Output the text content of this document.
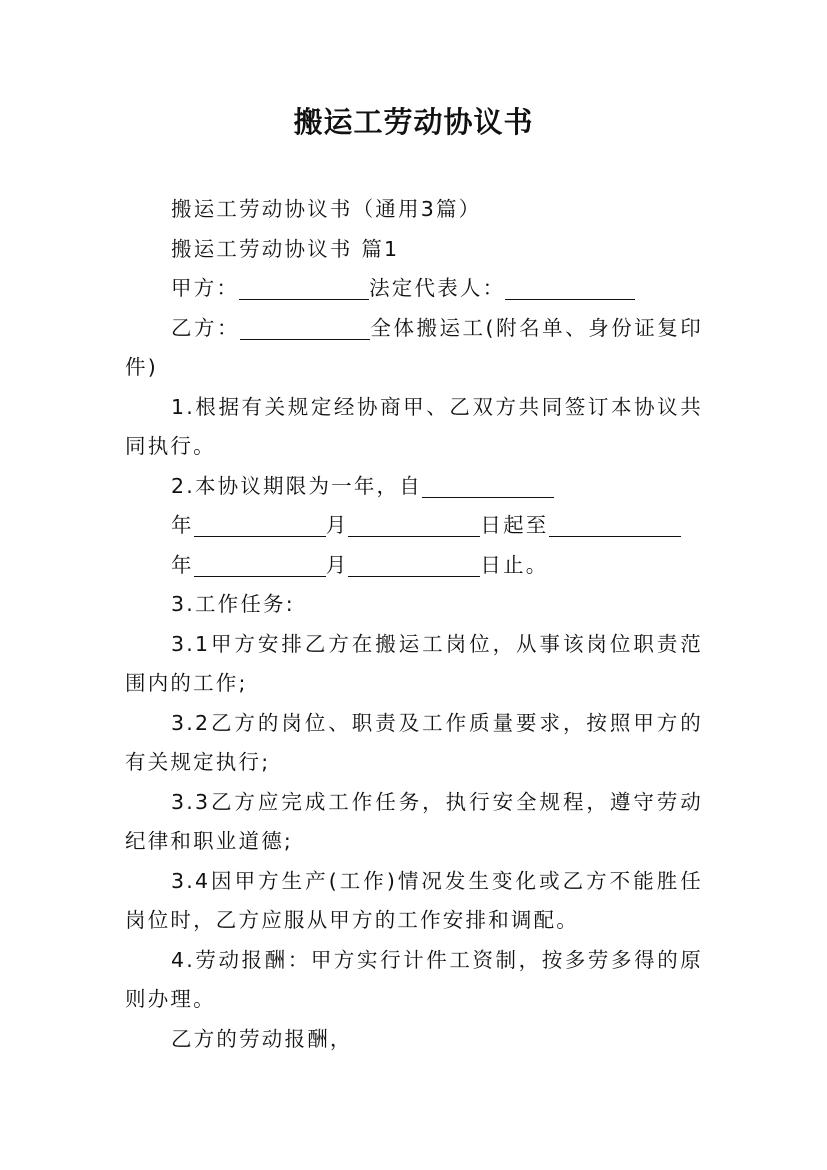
搬运工劳动协议书

搬运工劳动协议书（通用3篇）

搬运工劳动协议书 篇1

甲方：	法定代表人：

乙方：	全体搬运工(附名单、身份证复印件)

1.根据有关规定经协商甲、乙双方共同签订本协议共同执行。

2.本协议期限为一年，自

年	月	日起至

年	月	日止。

3.工作任务:

3.1甲方安排乙方在搬运工岗位，从事该岗位职责范围内的工作;

3.2乙方的岗位、职责及工作质量要求，按照甲方的有关规定执行;

3.3乙方应完成工作任务，执行安全规程，遵守劳动纪律和职业道德;

3.4因甲方生产(工作)情况发生变化或乙方不能胜任岗位时，乙方应服从甲方的工作安排和调配。

4.劳动报酬：甲方实行计件工资制，按多劳多得的原则办理。

乙方的劳动报酬，
